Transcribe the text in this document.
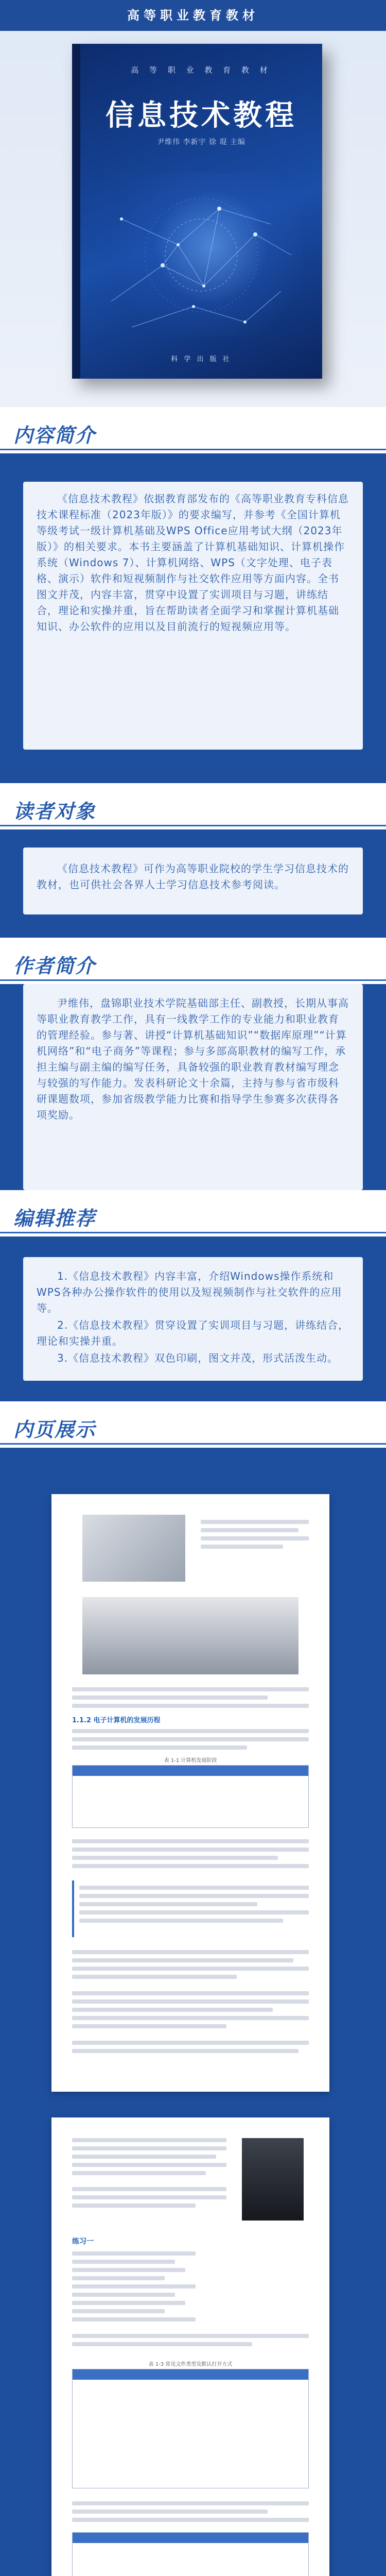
高等职业教育教材
高 等 职 业 教 育 教 材
信息技术教程
尹维伟 李新宇 徐 琨 主编
科 学 出 版 社
内容简介

《信息技术教程》依据教育部发布的《高等职业教育专科信息技术课程标准（2023年版）》的要求编写，并参考《全国计算机等级考试一级计算机基础及WPS Office应用考试大纲（2023年版）》的相关要求。本书主要涵盖了计算机基础知识、计算机操作系统（Windows 7）、计算机网络、WPS（文字处理、电子表格、演示）软件和短视频制作与社交软件应用等方面内容。全书图文并茂，内容丰富，贯穿中设置了实训项目与习题，讲练结合，理论和实操并重，旨在帮助读者全面学习和掌握计算机基础知识、办公软件的应用以及目前流行的短视频应用等。

读者对象

《信息技术教程》可作为高等职业院校的学生学习信息技术的教材，也可供社会各界人士学习信息技术参考阅读。

作者简介

尹维伟，盘锦职业技术学院基础部主任、副教授，长期从事高等职业教育教学工作，具有一线教学工作的专业能力和职业教育的管理经验。参与著、讲授“计算机基础知识”“数据库原理”“计算机网络”和“电子商务”等课程；参与多部高职教材的编写工作，承担主编与副主编的编写任务，具备较强的职业教育教材编写理念与较强的写作能力。发表科研论文十余篇，主持与参与省市级科研课题数项，参加省级教学能力比赛和指导学生参赛多次获得各项奖励。

编辑推荐

1.《信息技术教程》内容丰富，介绍Windows操作系统和WPS各种办公操作软件的使用以及短视频制作与社交软件的应用等。

2.《信息技术教程》贯穿设置了实训项目与习题，讲练结合，理论和实操并重。

3.《信息技术教程》双色印刷，图文并茂，形式活泼生动。

内页展示
1.1.2 电子计算机的发展历程
表 1-1 计算机发展阶段
练习一
表 1-3 常见文件类型及默认打开方式
